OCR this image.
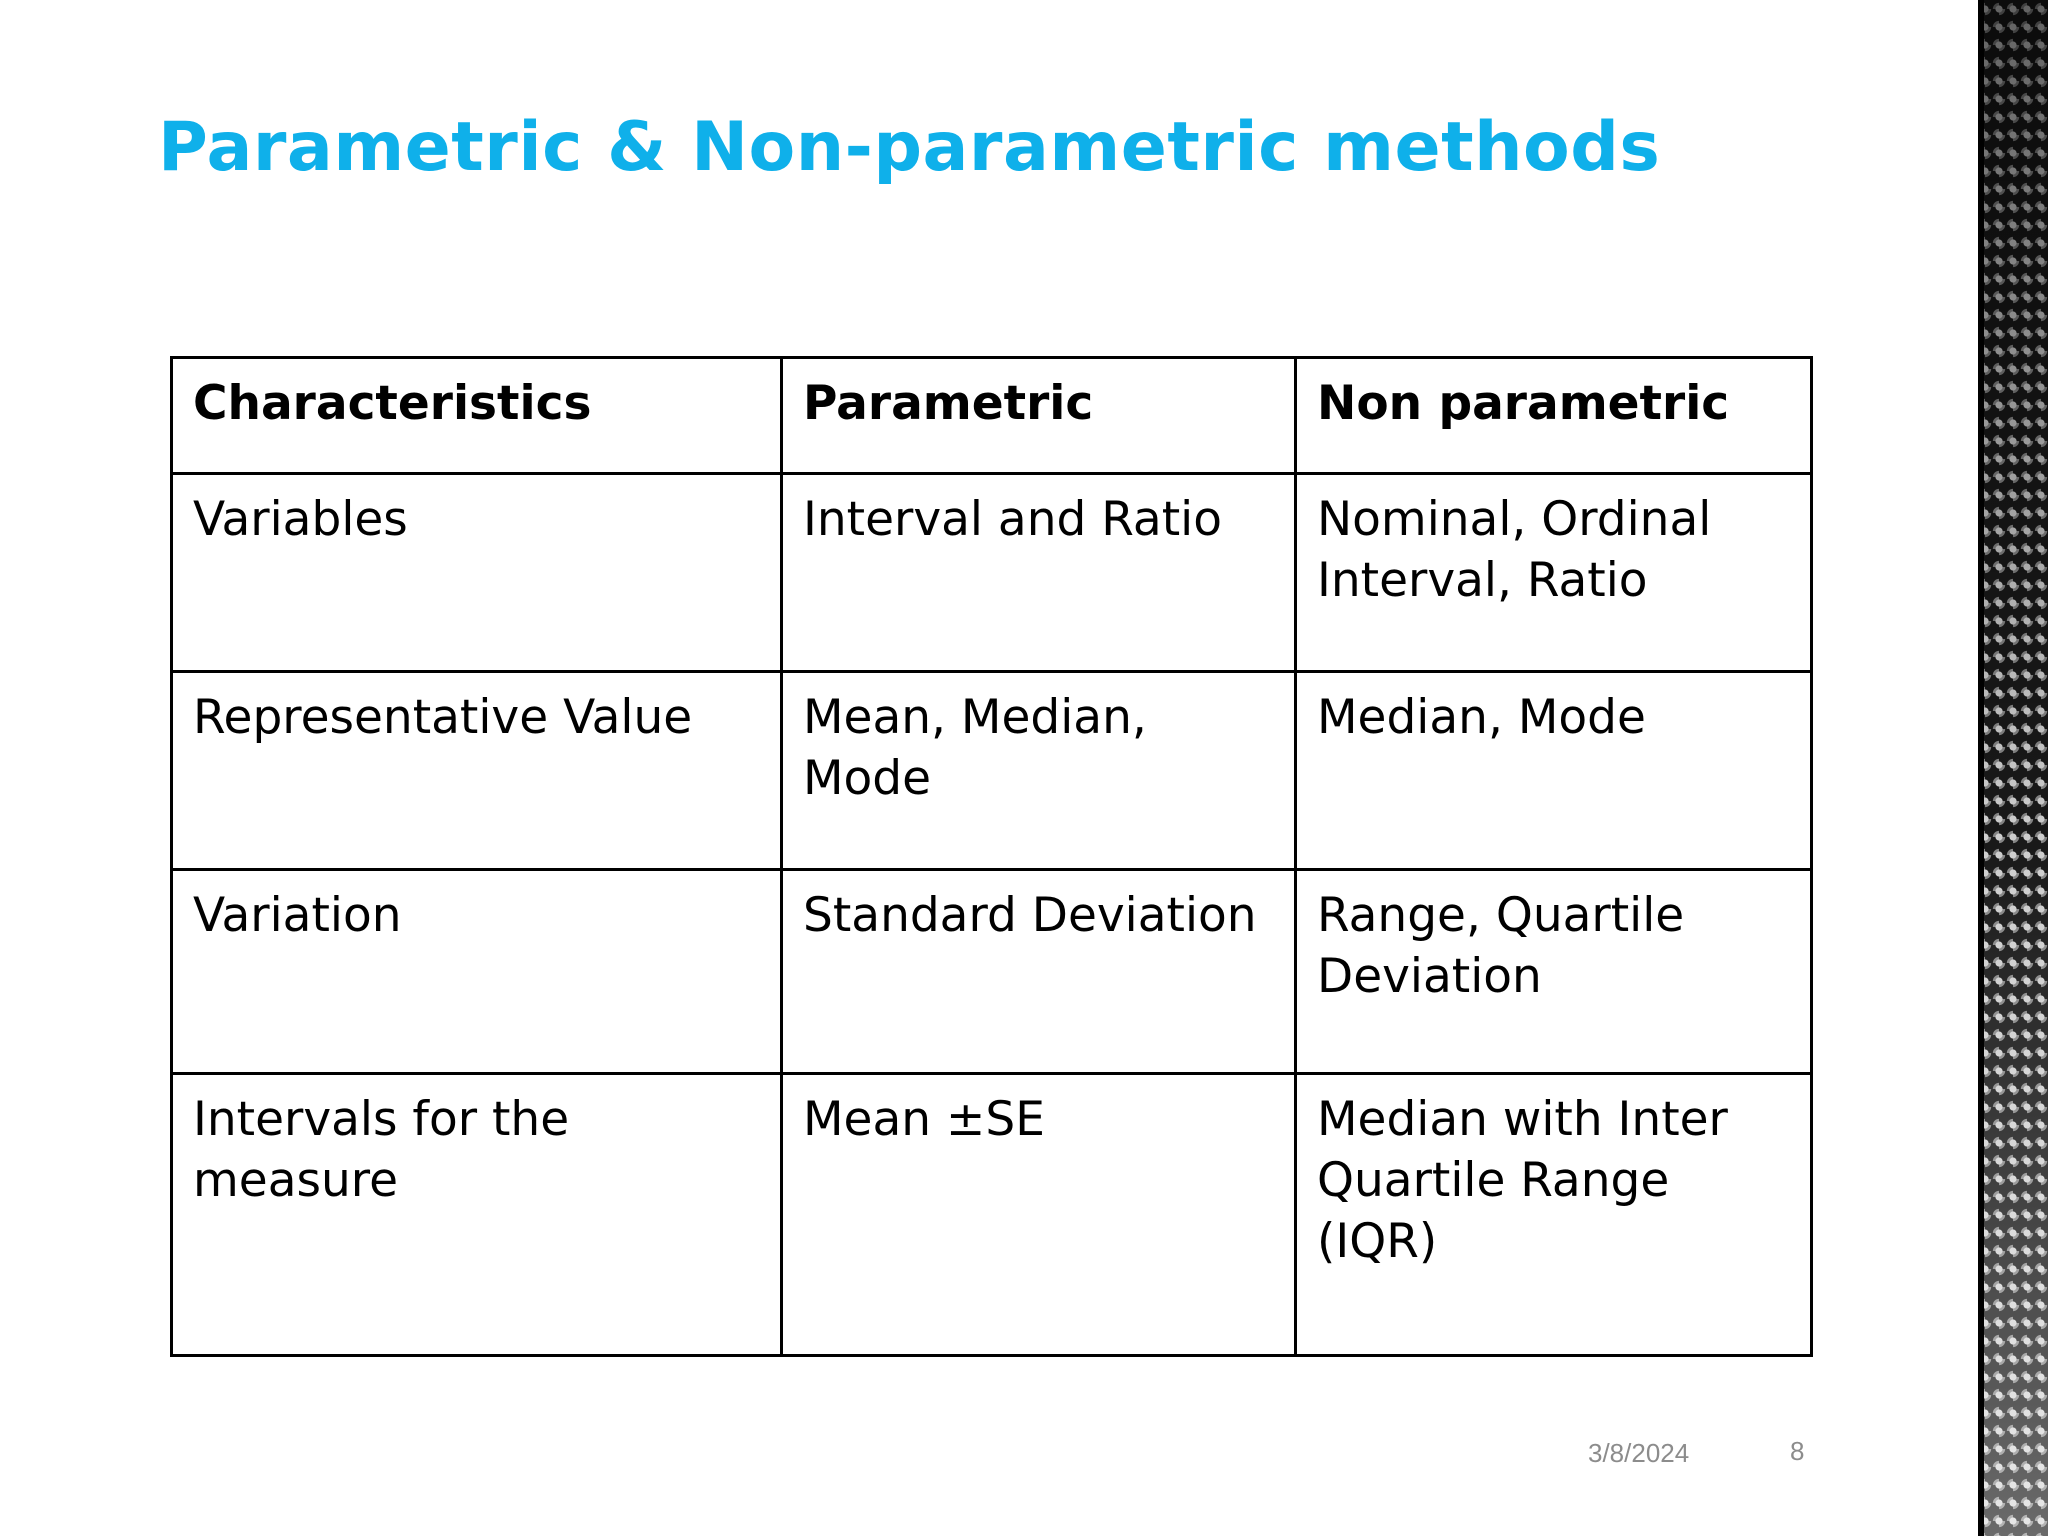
Parametric & Non-parametric methods
Characteristics	Parametric	Non parametric
Variables	Interval and Ratio	Nominal, Ordinal Interval, Ratio
Representative Value	Mean, Median, Mode	Median, Mode
Variation	Standard Deviation	Range, Quartile Deviation
Intervals for the measure	Mean ±SE	Median with Inter Quartile Range (IQR)
3/8/2024	8
